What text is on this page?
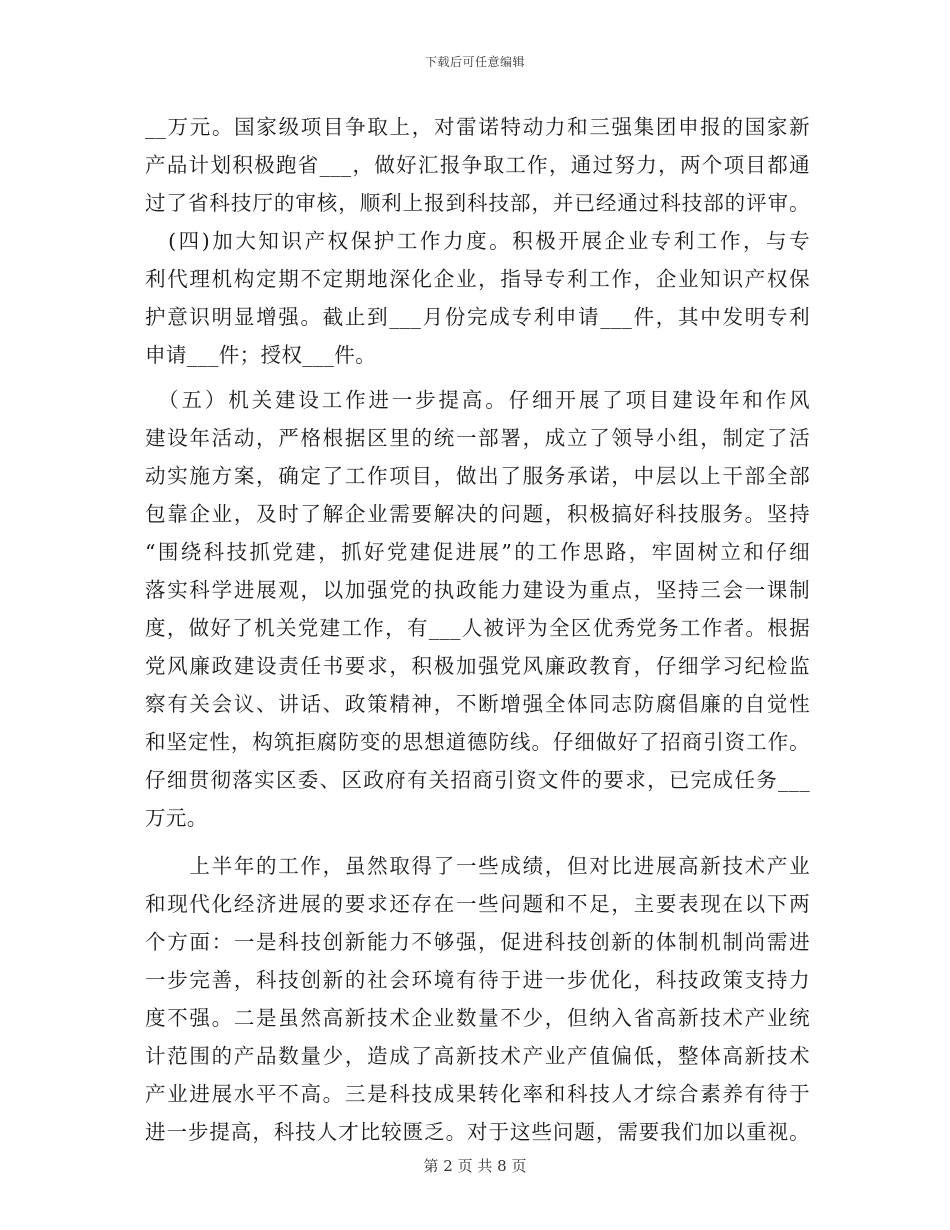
下载后可任意编辑
__万元。国家级项目争取上，对雷诺特动力和三强集团申报的国家新
产品计划积极跑省___，做好汇报争取工作，通过努力，两个项目都通
过了省科技厅的审核，顺利上报到科技部，并已经通过科技部的评审。
　(四)加大知识产权保护工作力度。积极开展企业专利工作，与专
利代理机构定期不定期地深化企业，指导专利工作，企业知识产权保
护意识明显增强。截止到___月份完成专利申请___件，其中发明专利
申请___件；授权___件。
　（五）机关建设工作进一步提高。仔细开展了项目建设年和作风
建设年活动，严格根据区里的统一部署，成立了领导小组，制定了活
动实施方案，确定了工作项目，做出了服务承诺，中层以上干部全部
包靠企业，及时了解企业需要解决的问题，积极搞好科技服务。坚持
“围绕科技抓党建，抓好党建促进展”的工作思路，牢固树立和仔细
落实科学进展观，以加强党的执政能力建设为重点，坚持三会一课制
度，做好了机关党建工作，有___人被评为全区优秀党务工作者。根据
党风廉政建设责任书要求，积极加强党风廉政教育，仔细学习纪检监
察有关会议、讲话、政策精神，不断增强全体同志防腐倡廉的自觉性
和坚定性，构筑拒腐防变的思想道德防线。仔细做好了招商引资工作。
仔细贯彻落实区委、区政府有关招商引资文件的要求，已完成任务___
万元。
　　上半年的工作，虽然取得了一些成绩，但对比进展高新技术产业
和现代化经济进展的要求还存在一些问题和不足，主要表现在以下两
个方面：一是科技创新能力不够强，促进科技创新的体制机制尚需进
一步完善，科技创新的社会环境有待于进一步优化，科技政策支持力
度不强。二是虽然高新技术企业数量不少，但纳入省高新技术产业统
计范围的产品数量少，造成了高新技术产业产值偏低，整体高新技术
产业进展水平不高。三是科技成果转化率和科技人才综合素养有待于
进一步提高，科技人才比较匮乏。对于这些问题，需要我们加以重视。
第 2 页 共 8 页
